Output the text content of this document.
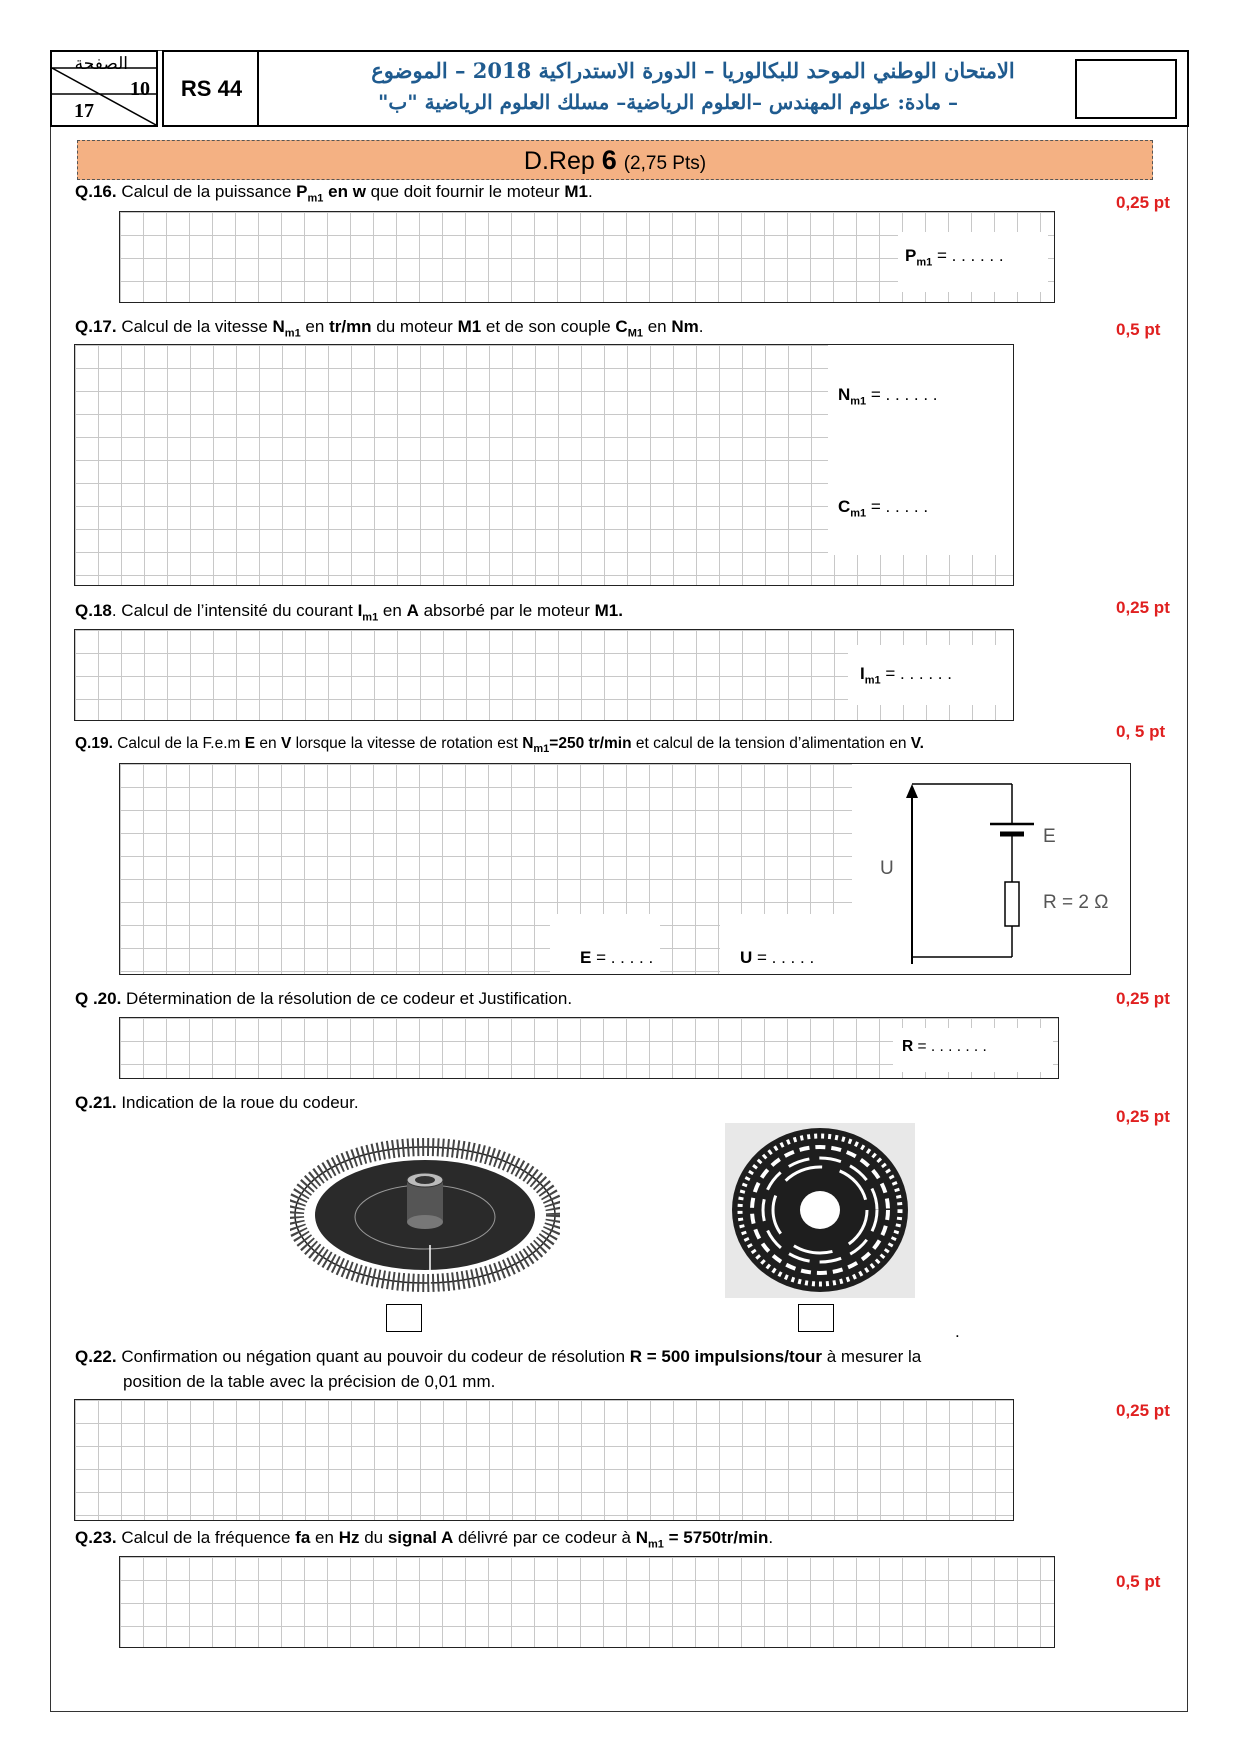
الصفحة
10
17
RS 44
الامتحان الوطني الموحد للبكالوريا – الدورة الاستدراكية 2018 – الموضوع
– مادة: علوم المهندس –العلوم الرياضية– مسلك العلوم الرياضية "ب"
D.Rep 6 (2,75 Pts)
Q.16. Calcul de la puissance $P_{m1}$ en w que doit fournir le moteur M1.
0,25 pt
$P_{m1}$ = . . . . . .
Q.17. Calcul de la vitesse $N_{m1}$ en tr/mn du moteur M1 et de son couple $C_{M1}$ en Nm.	0,5 pt
$N_{m1}$ = . . . . . .
$C_{m1}$ = . . . . .
Q.18. Calcul de l’intensité du courant $I_{m1}$ en A absorbé par le moteur M1.	0,25 pt
$I_{m1}$ = . . . . . .
Q.19. Calcul de la F.e.m E en V lorsque la vitesse de rotation est $N_{m1}=250$ tr/min et calcul de la tension d’alimentation en V.
0, 5 pt
E = . . . . .	U = . . . . .
U
E
R = 2 Ω
Q .20. Détermination de la résolution de ce codeur et Justification.	0,25 pt
R = . . . . . . .
Q.21. Indication de la roue du codeur.
0,25 pt
.
Q.22. Confirmation ou négation quant au pouvoir du codeur de résolution R = 500 impulsions/tour à mesurer la
position de la table avec la précision de 0,01 mm.
0,25 pt
Q.23. Calcul de la fréquence fa en Hz du signal A délivré par ce codeur à $N_{m1} = 5750tr/\min$.
0,5 pt
